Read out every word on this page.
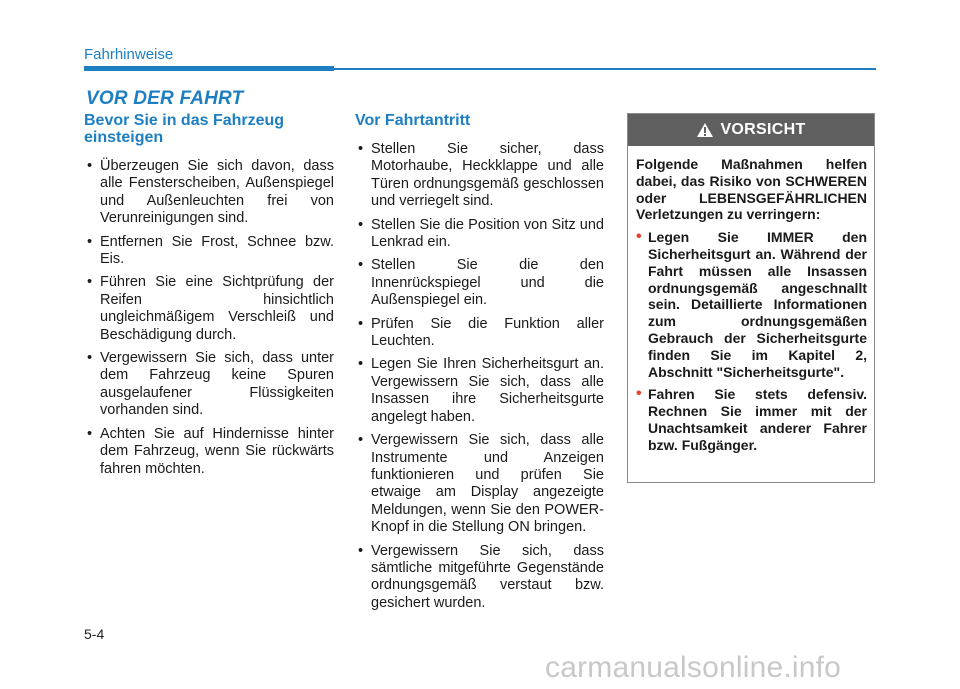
Fahrhinweise
VOR DER FAHRT
Bevor Sie in das Fahrzeug einsteigen
• Überzeugen Sie sich davon, dass alle Fensterscheiben, Außenspiegel und Außenleuchten frei von Verunreinigungen sind.
• Entfernen Sie Frost, Schnee bzw. Eis.
• Führen Sie eine Sichtprüfung der Reifen hinsichtlich ungleichmäßigem Verschleiß und Beschädigung durch.
• Vergewissern Sie sich, dass unter dem Fahrzeug keine Spuren ausgelaufener Flüssigkeiten vorhanden sind.
• Achten Sie auf Hindernisse hinter dem Fahrzeug, wenn Sie rückwärts fahren möchten.
Vor Fahrtantritt
• Stellen Sie sicher, dass Motorhaube, Heckklappe und alle Türen ordnungsgemäß geschlossen und verriegelt sind.
• Stellen Sie die Position von Sitz und Lenkrad ein.
• Stellen Sie die den Innenrückspiegel und die Außenspiegel ein.
• Prüfen Sie die Funktion aller Leuchten.
• Legen Sie Ihren Sicherheitsgurt an. Vergewissern Sie sich, dass alle Insassen ihre Sicherheitsgurte angelegt haben.
• Vergewissern Sie sich, dass alle Instrumente und Anzeigen funktionieren und prüfen Sie etwaige am Display angezeigte Meldungen, wenn Sie den POWER-Knopf in die Stellung ON bringen.
• Vergewissern Sie sich, dass sämtliche mitgeführte Gegenstände ordnungsgemäß verstaut bzw. gesichert wurden.
VORSICHT

Folgende Maßnahmen helfen dabei, das Risiko von SCHWEREN oder LEBENSGEFÄHRLICHEN Verletzungen zu verringern:

• Legen Sie IMMER den Sicherheitsgurt an. Während der Fahrt müssen alle Insassen ordnungsgemäß angeschnallt sein. Detaillierte Informationen zum ordnungsgemäßen Gebrauch der Sicherheitsgurte finden Sie im Kapitel 2, Abschnitt "Sicherheitsgurte".
• Fahren Sie stets defensiv. Rechnen Sie immer mit der Unachtsamkeit anderer Fahrer bzw. Fußgänger.
5-4
carmanualsonline.info
